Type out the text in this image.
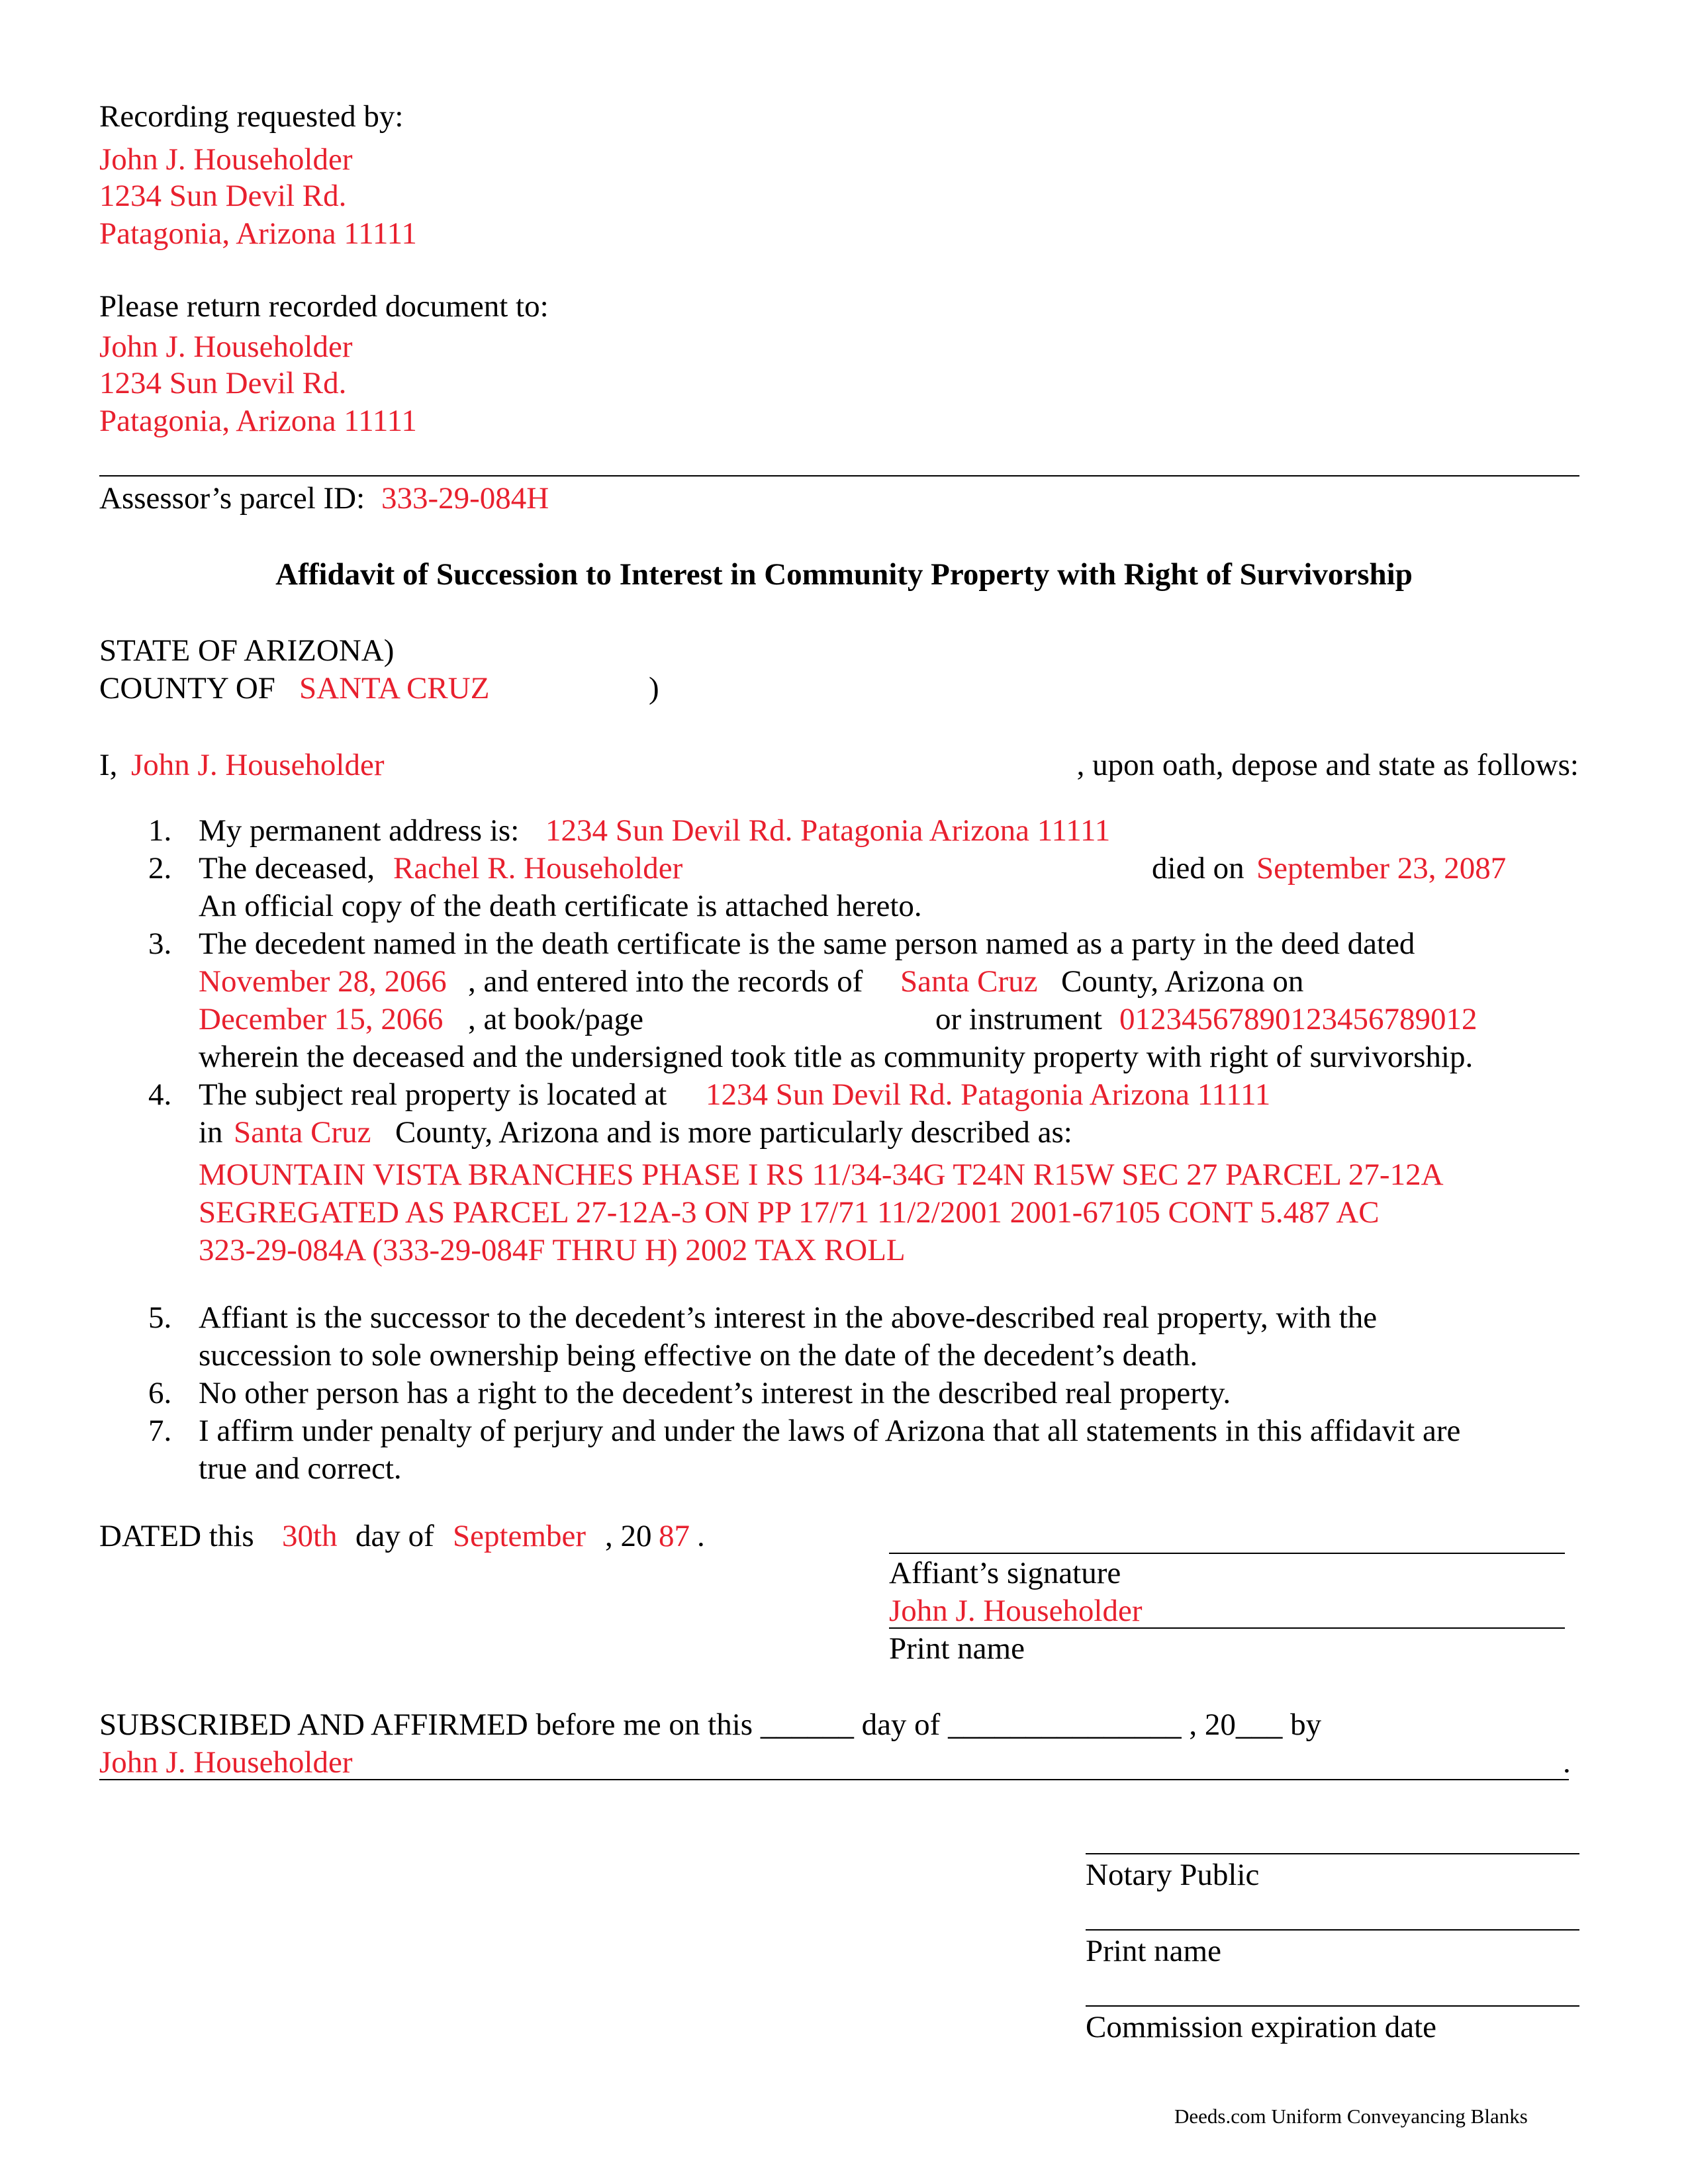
Recording requested by:
John J. Householder
1234 Sun Devil Rd.
Patagonia, Arizona 11111
Please return recorded document to:
John J. Householder
1234 Sun Devil Rd.
Patagonia, Arizona 11111
Assessor’s parcel ID: 333-29-084H
Affidavit of Succession to Interest in Community Property with Right of Survivorship
STATE OF ARIZONA)
COUNTY OF SANTA CRUZ	)
I, John J. Householder	, upon oath, depose and state as follows:
1. My permanent address is: 1234 Sun Devil Rd. Patagonia Arizona 11111
2. The deceased, Rachel R. Householder	died on September 23, 2087
An official copy of the death certificate is attached hereto.
3. The decedent named in the death certificate is the same person named as a party in the deed dated
November 28, 2066 , and entered into the records of Santa Cruz County, Arizona on
December 15, 2066 , at book/page	or instrument 01234567890123456789012
wherein the deceased and the undersigned took title as community property with right of survivorship.
4. The subject real property is located at 1234 Sun Devil Rd. Patagonia Arizona 11111
in Santa Cruz County, Arizona and is more particularly described as:
MOUNTAIN VISTA BRANCHES PHASE I RS 11/34-34G T24N R15W SEC 27 PARCEL 27-12A
SEGREGATED AS PARCEL 27-12A-3 ON PP 17/71 11/2/2001 2001-67105 CONT 5.487 AC
323-29-084A (333-29-084F THRU H) 2002 TAX ROLL
5. Affiant is the successor to the decedent’s interest in the above-described real property, with the
succession to sole ownership being effective on the date of the decedent’s death.
6. No other person has a right to the decedent’s interest in the described real property.
7. I affirm under penalty of perjury and under the laws of Arizona that all statements in this affidavit are
true and correct.
DATED this 30th day of September , 20 87 .
Affiant’s signature
John J. Householder
Print name
SUBSCRIBED AND AFFIRMED before me on this ______ day of _______________ , 20___ by
John J. Householder	.
Notary Public
Print name
Commission expiration date
Deeds.com Uniform Conveyancing Blanks
